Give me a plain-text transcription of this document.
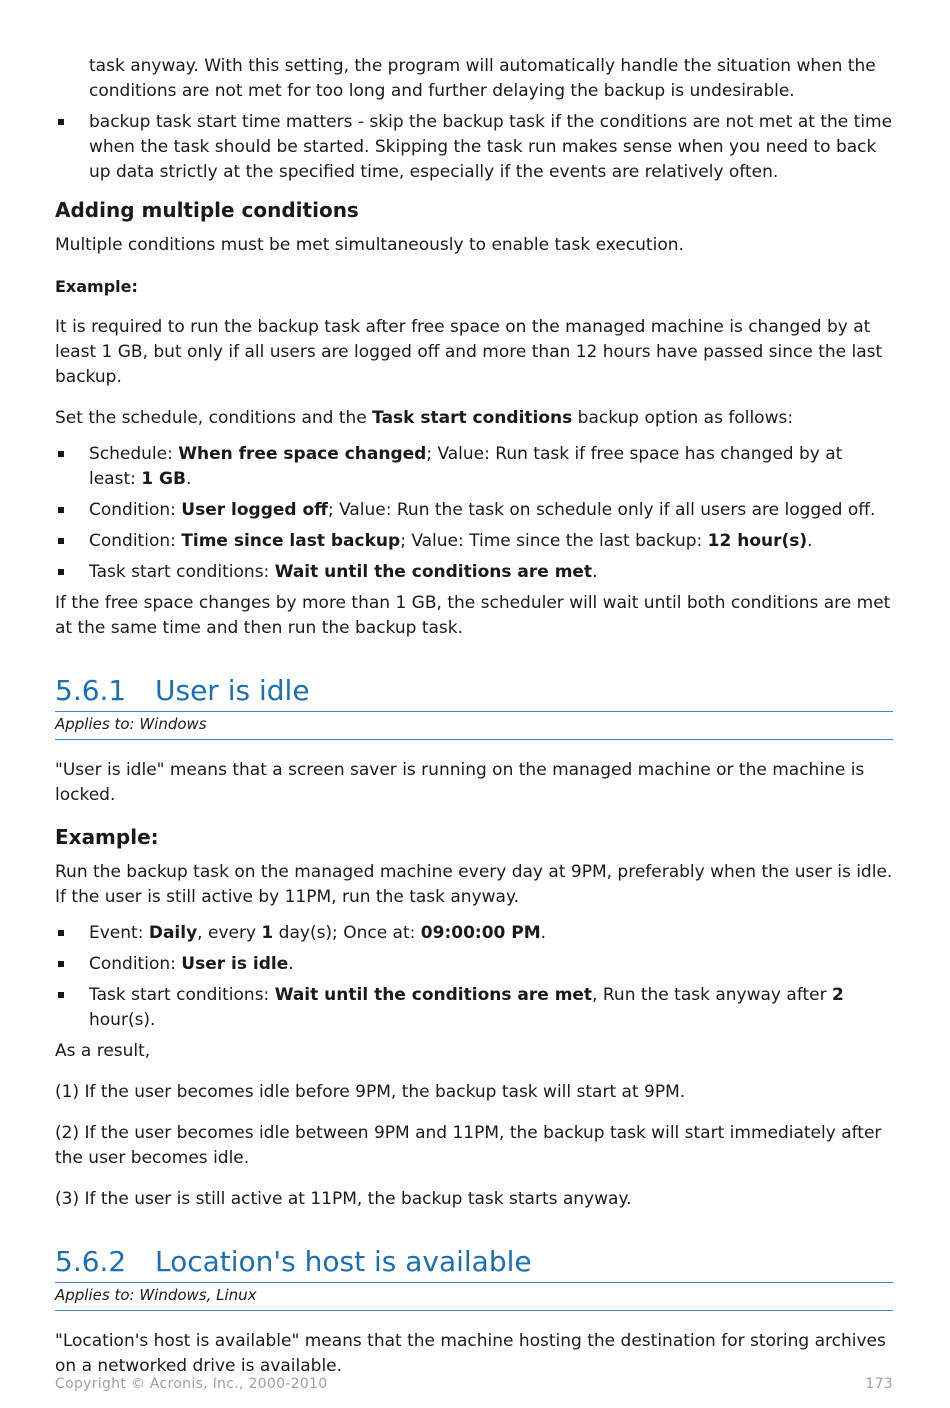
task anyway. With this setting, the program will automatically handle the situation when the conditions are not met for too long and further delaying the backup is undesirable.

backup task start time matters - skip the backup task if the conditions are not met at the time when the task should be started. Skipping the task run makes sense when you need to back up data strictly at the specified time, especially if the events are relatively often.
Adding multiple conditions

Multiple conditions must be met simultaneously to enable task execution.

Example:

It is required to run the backup task after free space on the managed machine is changed by at least 1 GB, but only if all users are logged off and more than 12 hours have passed since the last backup.

Set the schedule, conditions and the Task start conditions backup option as follows:

Schedule: When free space changed; Value: Run task if free space has changed by at least: 1 GB.
Condition: User logged off; Value: Run the task on schedule only if all users are logged off.
Condition: Time since last backup; Value: Time since the last backup: 12 hour(s).
Task start conditions: Wait until the conditions are met.

If the free space changes by more than 1 GB, the scheduler will wait until both conditions are met at the same time and then run the backup task.

5.6.1	User is idle
Applies to: Windows

"User is idle" means that a screen saver is running on the managed machine or the machine is locked.

Example:

Run the backup task on the managed machine every day at 9PM, preferably when the user is idle. If the user is still active by 11PM, run the task anyway.

Event: Daily, every 1 day(s); Once at: 09:00:00 PM.
Condition: User is idle.
Task start conditions: Wait until the conditions are met, Run the task anyway after 2 hour(s).

As a result,

(1) If the user becomes idle before 9PM, the backup task will start at 9PM.

(2) If the user becomes idle between 9PM and 11PM, the backup task will start immediately after the user becomes idle.

(3) If the user is still active at 11PM, the backup task starts anyway.

5.6.2	Location's host is available
Applies to: Windows, Linux

"Location's host is available" means that the machine hosting the destination for storing archives on a networked drive is available.

Copyright © Acronis, Inc., 2000-2010	173
